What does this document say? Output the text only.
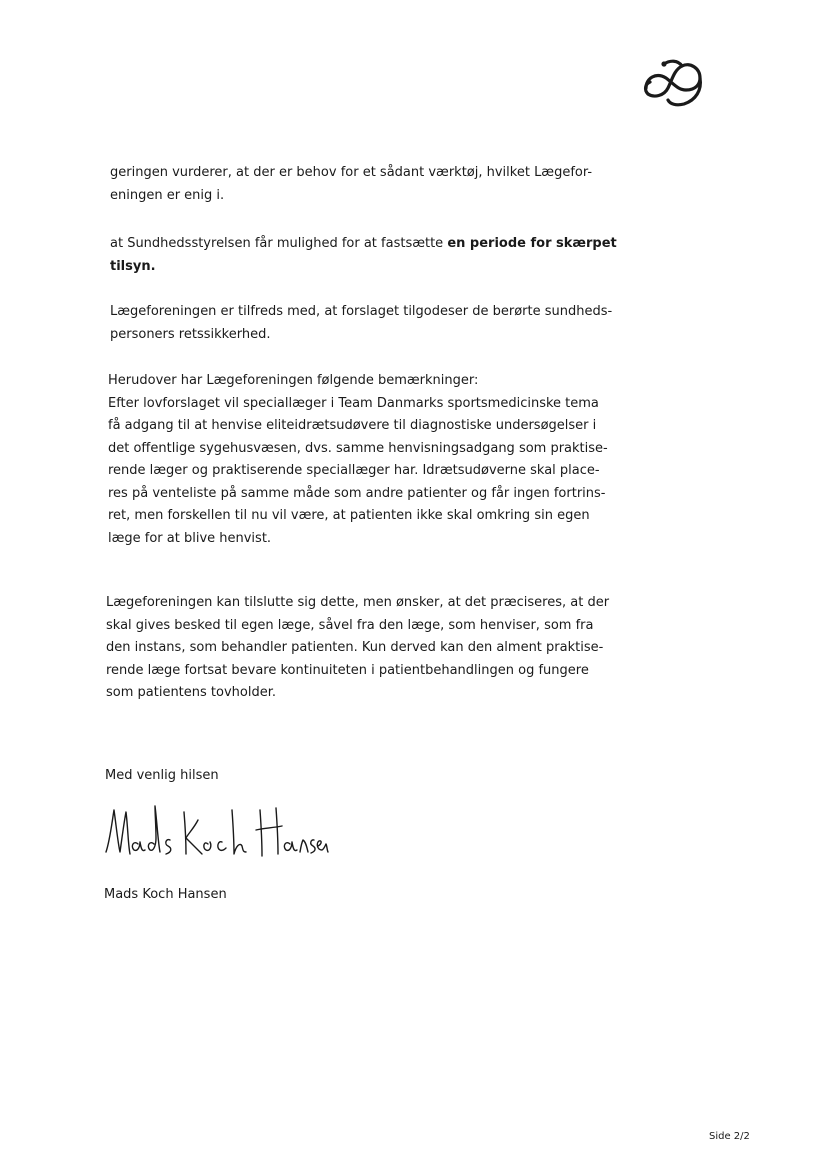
geringen vurderer, at der er behov for et sådant værktøj, hvilket Lægefor-
eningen er enig i.

at Sundhedsstyrelsen får mulighed for at fastsætte en periode for skærpet
tilsyn.

Lægeforeningen er tilfreds med, at forslaget tilgodeser de berørte sundheds-
personers retssikkerhed.

Herudover har Lægeforeningen følgende bemærkninger:
Efter lovforslaget vil speciallæger i Team Danmarks sportsmedicinske tema
få adgang til at henvise eliteidrætsudøvere til diagnostiske undersøgelser i
det offentlige sygehusvæsen, dvs. samme henvisningsadgang som praktise-
rende læger og praktiserende speciallæger har. Idrætsudøverne skal place-
res på venteliste på samme måde som andre patienter og får ingen fortrins-
ret, men forskellen til nu vil være, at patienten ikke skal omkring sin egen
læge for at blive henvist.

Lægeforeningen kan tilslutte sig dette, men ønsker, at det præciseres, at der
skal gives besked til egen læge, såvel fra den læge, som henviser, som fra
den instans, som behandler patienten. Kun derved kan den alment praktise-
rende læge fortsat bevare kontinuiteten i patientbehandlingen og fungere
som patientens tovholder.

Med venlig hilsen

Mads Koch Hansen

Side 2/2
